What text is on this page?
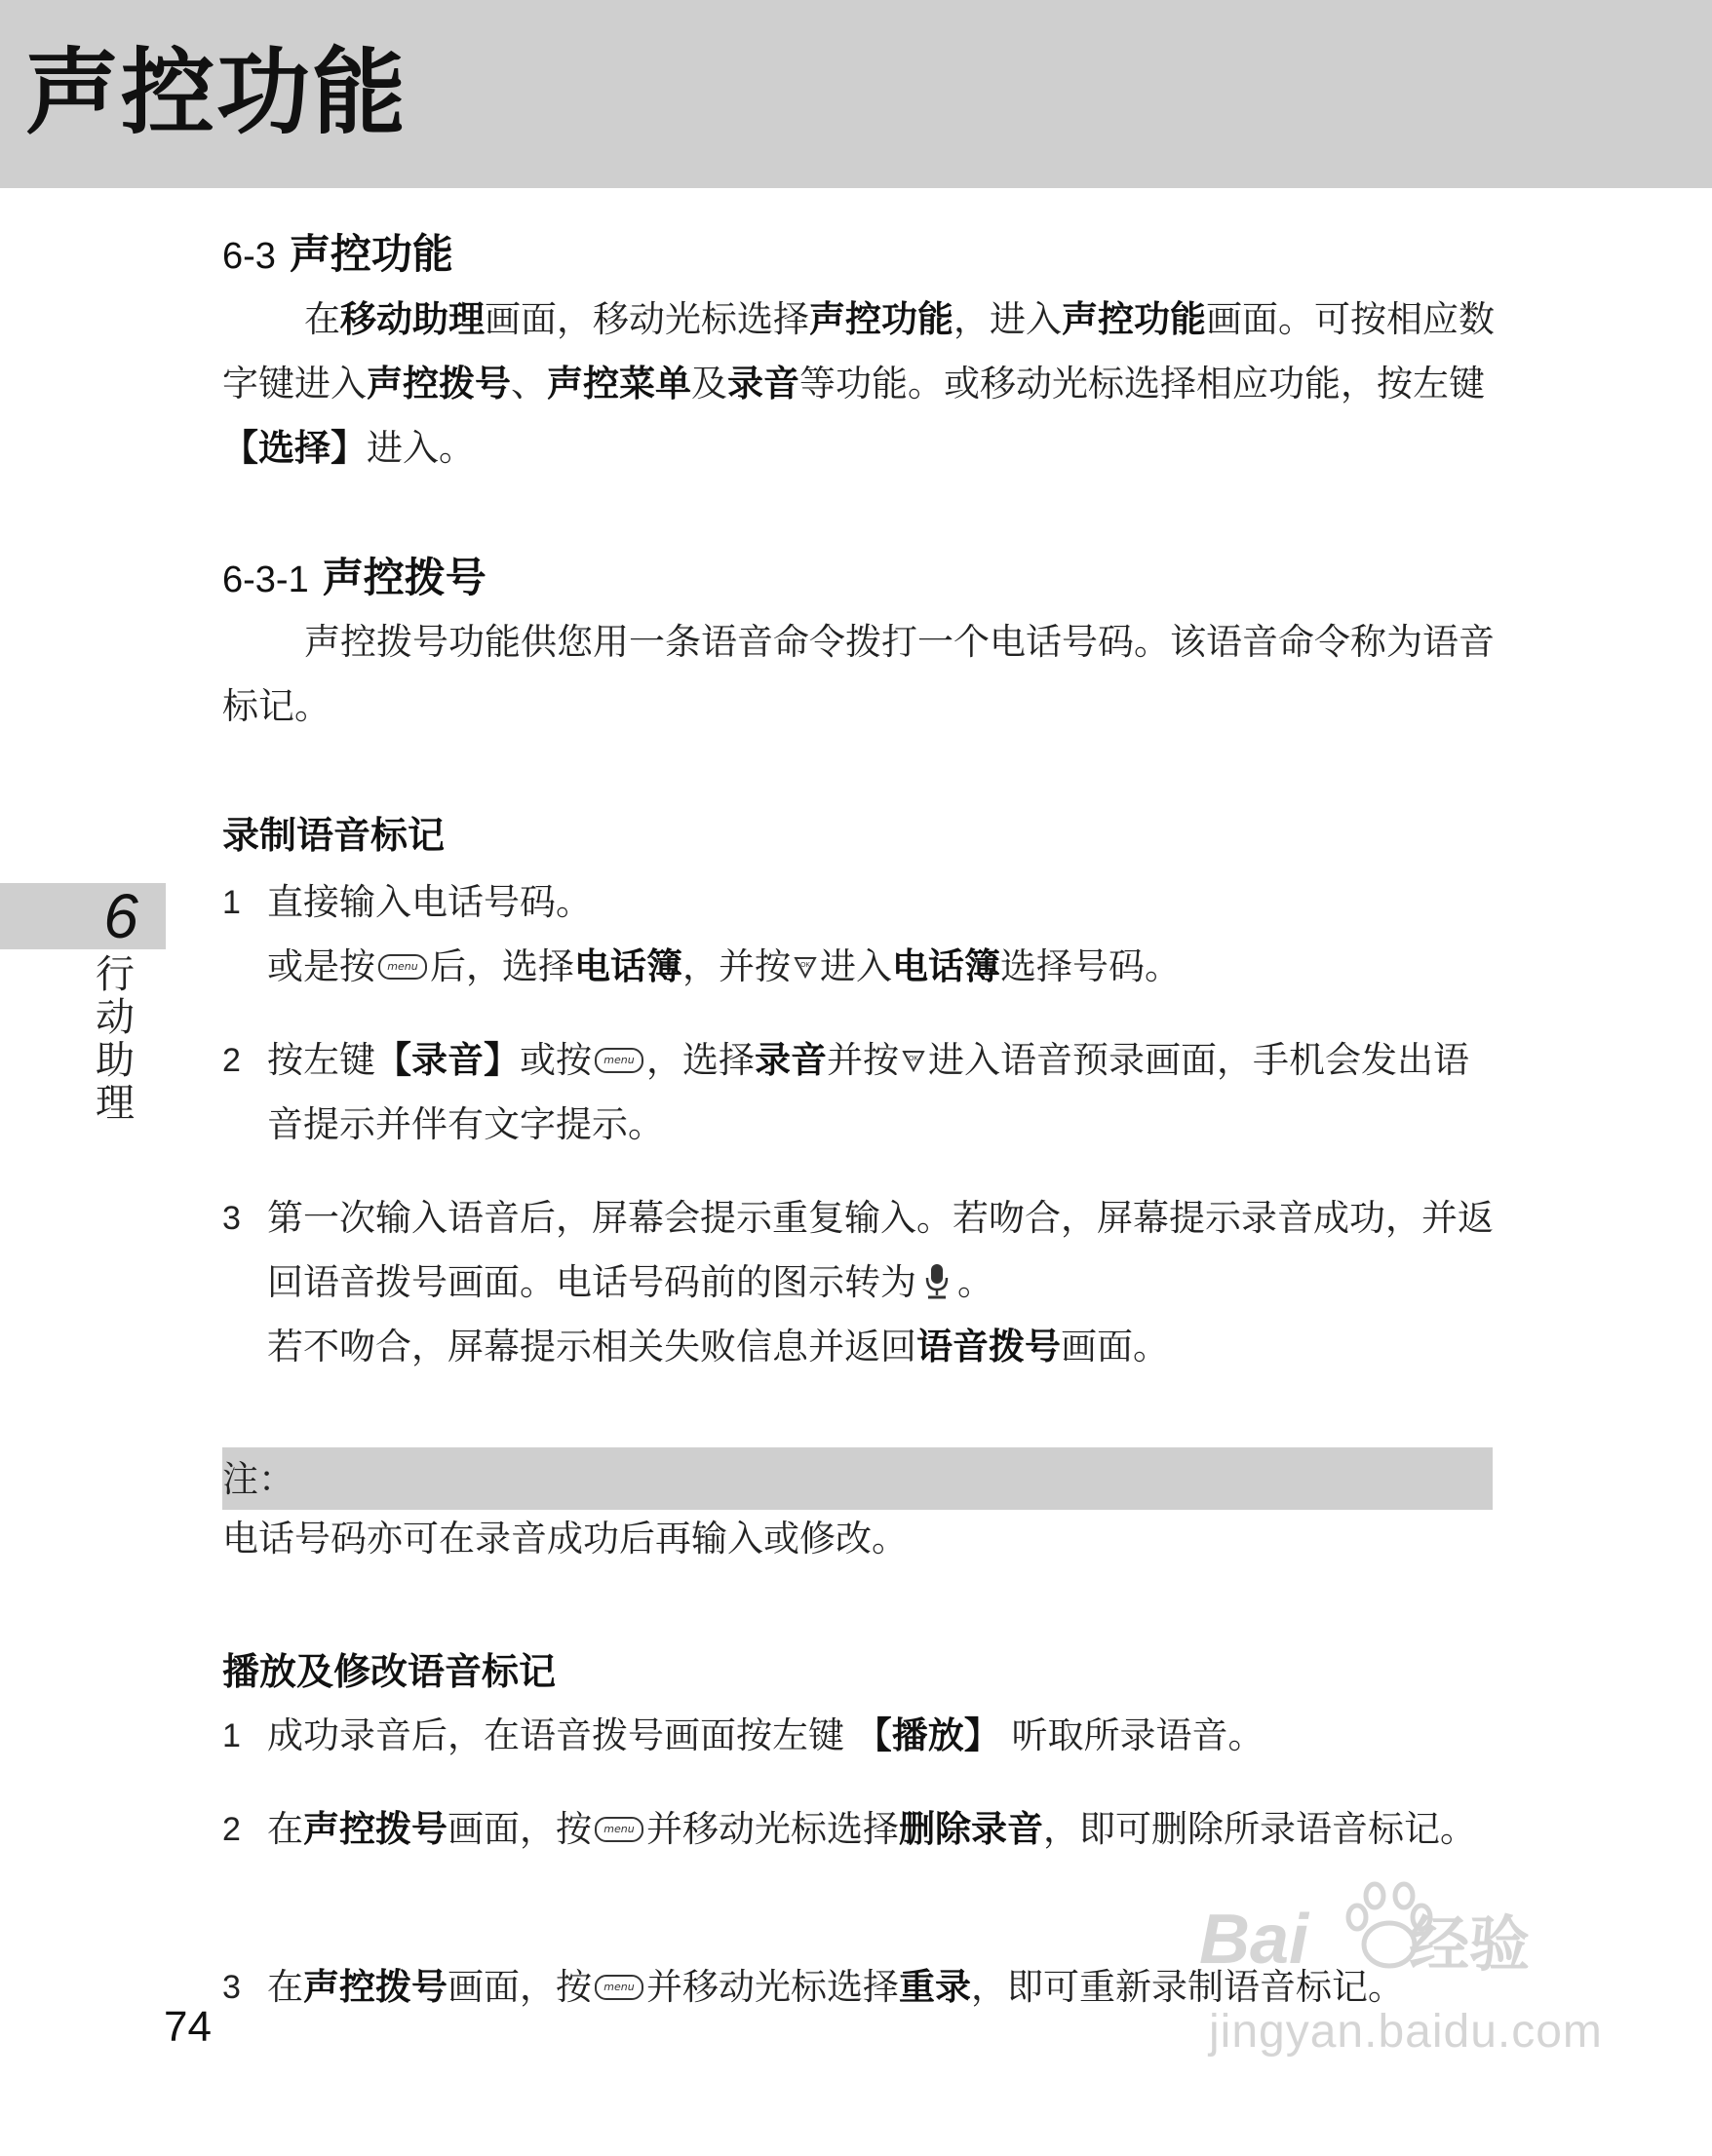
声控功能
6
行
动
助
理
6-3 声控功能
在移动助理画面，移动光标选择声控功能，进入声控功能画面。可按相应数字键进入声控拨号、声控菜单及录音等功能。或移动光标选择相应功能，按左键【选择】进入。
6-3-1 声控拨号
声控拨号功能供您用一条语音命令拨打一个电话号码。该语音命令称为语音标记。
录制语音标记
1 直接输入电话号码。
或是按 menu 后，选择电话簿，并按 OK 进入电话簿选择号码。
2 按左键【录音】或按 menu ，选择录音并按 OK 进入语音预录画面，手机会发出语音提示并伴有文字提示。
3 第一次输入语音后，屏幕会提示重复输入。若吻合，屏幕提示录音成功，并返回语音拨号画面。电话号码前的图示转为 。
若不吻合，屏幕提示相关失败信息并返回语音拨号画面。
电话号码亦可在录音成功后再输入或修改。
播放及修改语音标记
1 成功录音后，在语音拨号画面按左键 【播放】 听取所录语音。
2 在声控拨号画面，按 menu 并移动光标选择删除录音，即可删除所录语音标记。
3 在声控拨号画面，按 menu 并移动光标选择重录，即可重新录制语音标记。
注：
74
Bai 经验
jingyan.baidu.com
